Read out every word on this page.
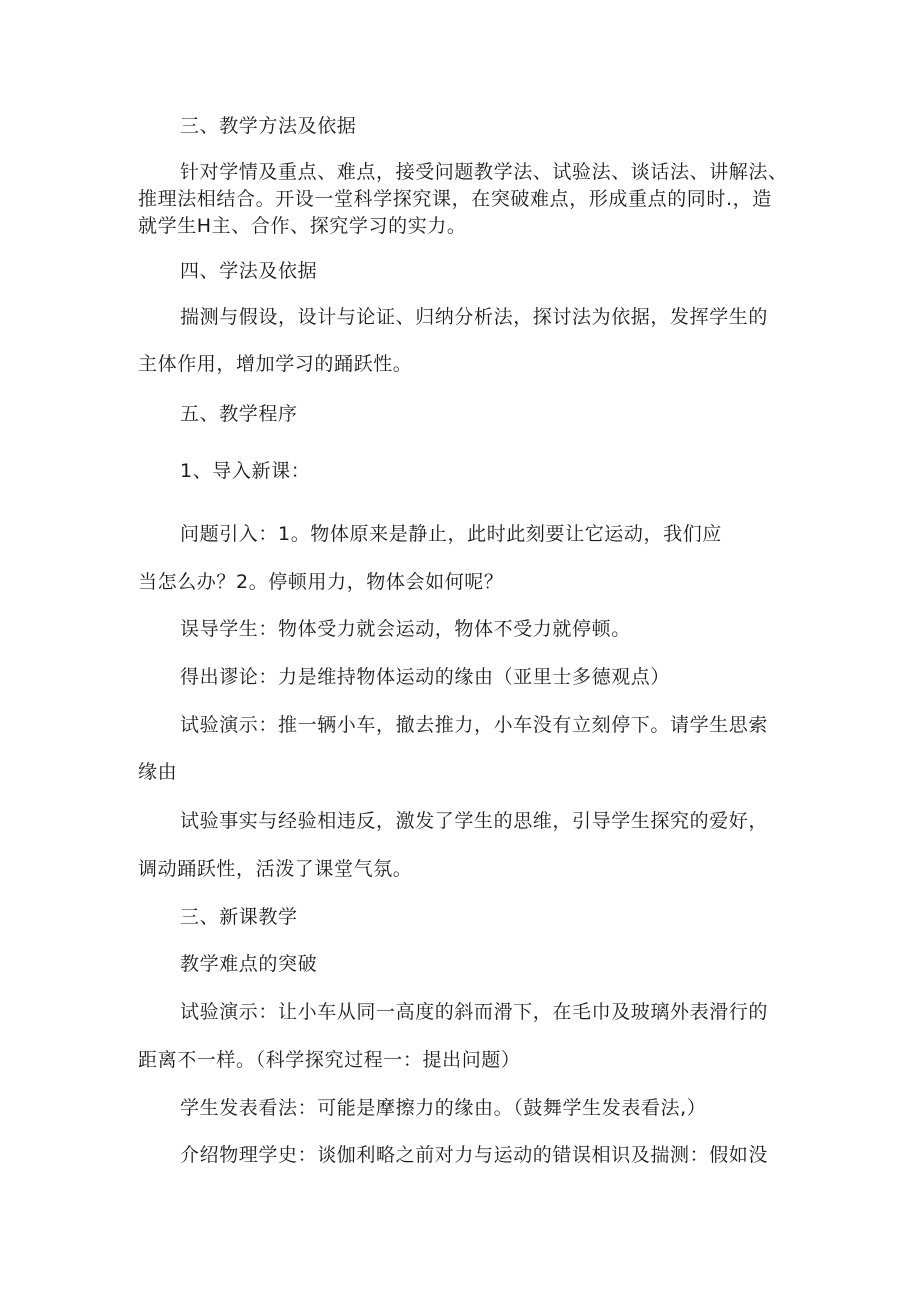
三、教学方法及依据
针对学情及重点、难点，接受问题教学法、试验法、谈话法、讲解法、
推理法相结合。开设一堂科学探究课，在突破难点，形成重点的同时.，造
就学生H主、合作、探究学习的实力。
四、学法及依据
揣测与假设，设计与论证、归纳分析法，探讨法为依据，发挥学生的
主体作用，增加学习的踊跃性。
五、教学程序
1、导入新课：
问题引入：1。物体原来是静止，此时此刻要让它运动，我们应
当怎么办？2。停顿用力，物体会如何呢？
误导学生：物体受力就会运动，物体不受力就停顿。
得出谬论：力是维持物体运动的缘由（亚里士多德观点）
试验演示：推一辆小车，撤去推力，小车没有立刻停下。请学生思索
缘由
试验事实与经验相违反，激发了学生的思维，引导学生探究的爱好，
调动踊跃性，活泼了课堂气氛。
三、新课教学
教学难点的突破
试验演示：让小车从同一高度的斜而滑下，在毛巾及玻璃外表滑行的
距离不一样。（科学探究过程一：提出问题）
学生发表看法：可能是摩擦力的缘由。（鼓舞学生发表看法,）
介绍物理学史：谈伽利略之前对力与运动的错误相识及揣测：假如没
